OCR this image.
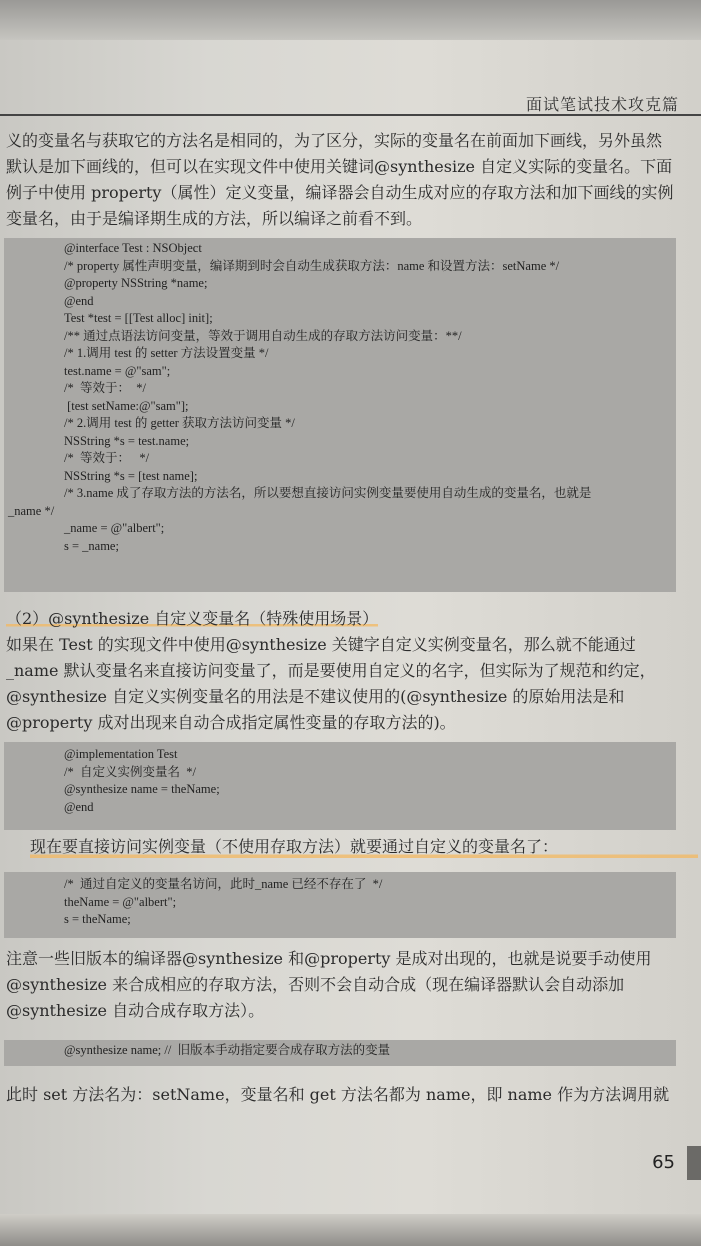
面试笔试技术攻克篇

义的变量名与获取它的方法名是相同的，为了区分，实际的变量名在前面加下画线，另外虽然默认是加下画线的，但可以在实现文件中使用关键词@synthesize 自定义实际的变量名。下面例子中使用 property（属性）定义变量，编译器会自动生成对应的存取方法和加下画线的实例变量名，由于是编译期生成的方法，所以编译之前看不到。

@interface Test : NSObject
/* property 属性声明变量，编译期到时会自动生成获取方法：name 和设置方法：setName */
@property NSString *name;
@end
Test *test = [[Test alloc] init];
/** 通过点语法访问变量，等效于调用自动生成的存取方法访问变量：**/
/* 1.调用 test 的 setter 方法设置变量 */
test.name = @"sam";
/*  等效于：  */
[test setName:@"sam"];
/* 2.调用 test 的 getter 获取方法访问变量 */
NSString *s = test.name;
/*  等效于：   */
NSString *s = [test name];
/* 3.name 成了存取方法的方法名，所以要想直接访问实例变量要使用自动生成的变量名，也就是
_name */
_name = @"albert";
s = _name;

（2）@synthesize 自定义变量名（特殊使用场景）
如果在 Test 的实现文件中使用@synthesize 关键字自定义实例变量名，那么就不能通过_name 默认变量名来直接访问变量了，而是要使用自定义的名字，但实际为了规范和约定，@synthesize 自定义实例变量名的用法是不建议使用的(@synthesize 的原始用法是和@property 成对出现来自动合成指定属性变量的存取方法的)。

@implementation Test
/*  自定义实例变量名  */
@synthesize name = theName;
@end

现在要直接访问实例变量（不使用存取方法）就要通过自定义的变量名了：

/*  通过自定义的变量名访问，此时_name 已经不存在了  */
theName = @"albert";
s = theName;

注意一些旧版本的编译器@synthesize 和@property 是成对出现的，也就是说要手动使用@synthesize 来合成相应的存取方法，否则不会自动合成（现在编译器默认会自动添加@synthesize 自动合成存取方法）。

@synthesize name; //  旧版本手动指定要合成存取方法的变量

此时 set 方法名为：setName，变量名和 get 方法名都为 name，即 name 作为方法调用就

65
